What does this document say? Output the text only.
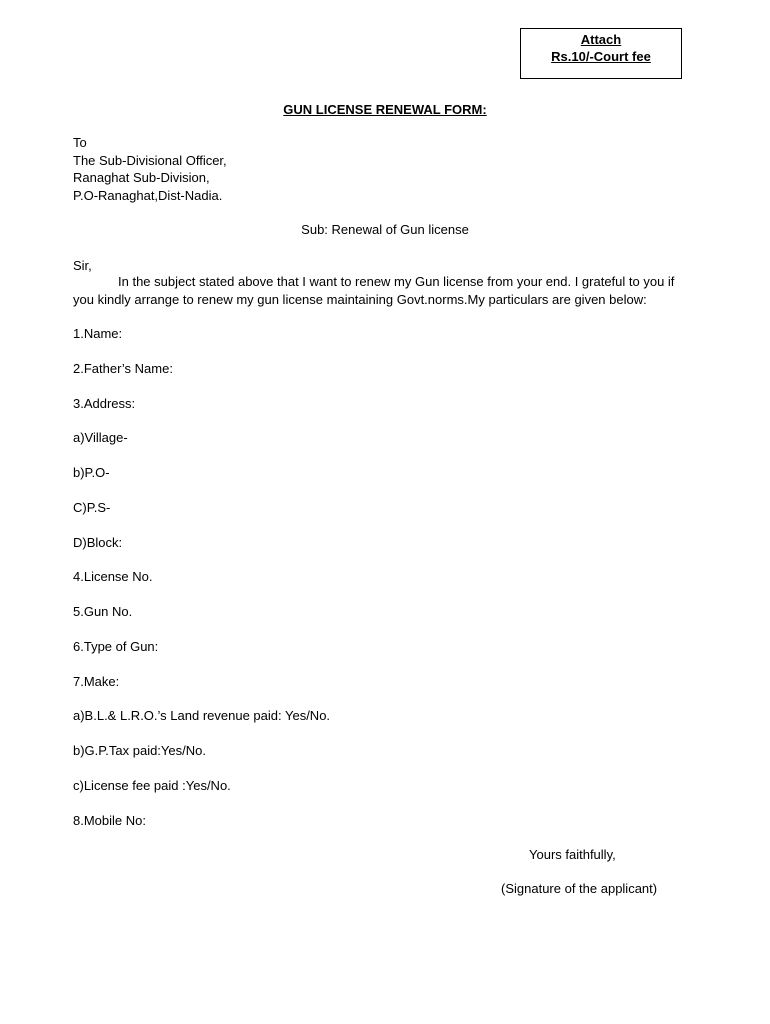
Attach
Rs.10/-Court fee
GUN LICENSE RENEWAL FORM:
To
The Sub-Divisional Officer,
Ranaghat Sub-Division,
P.O-Ranaghat,Dist-Nadia.
Sub: Renewal of Gun license
Sir,
In the subject stated above that I want to renew my Gun license from your end. I grateful to you if you kindly arrange to renew my gun license maintaining Govt.norms.My particulars are given below:
1.Name:
2.Father’s Name:
3.Address:
a)Village-
b)P.O-
C)P.S-
D)Block:
4.License No.
5.Gun No.
6.Type of Gun:
7.Make:
a)B.L.& L.R.O.’s Land revenue paid: Yes/No.
b)G.P.Tax paid:Yes/No.
c)License fee paid :Yes/No.
8.Mobile No:
Yours faithfully,
(Signature of the applicant)
